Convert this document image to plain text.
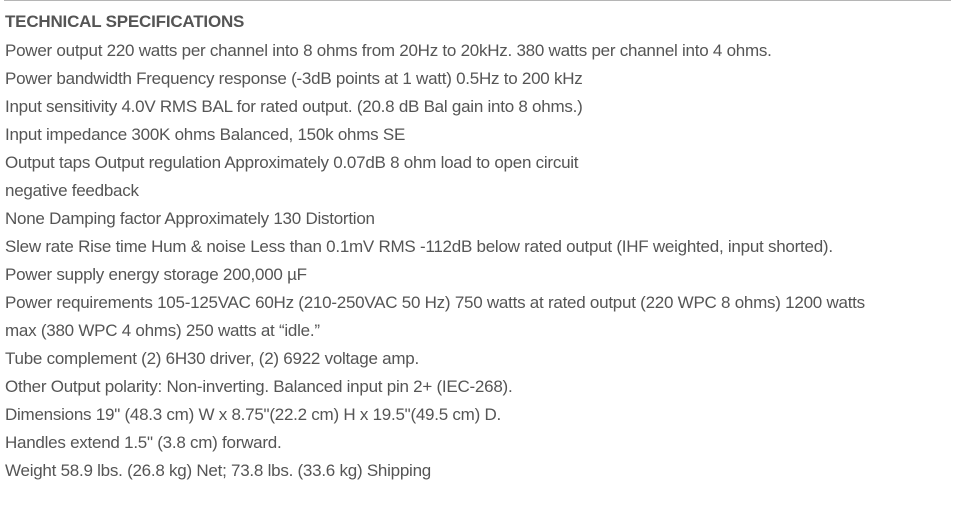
TECHNICAL SPECIFICATIONS
Power output 220 watts per channel into 8 ohms from 20Hz to 20kHz. 380 watts per channel into 4 ohms.
Power bandwidth Frequency response (-3dB points at 1 watt) 0.5Hz to 200 kHz
Input sensitivity 4.0V RMS BAL for rated output. (20.8 dB Bal gain into 8 ohms.)
Input impedance 300K ohms Balanced, 150k ohms SE
Output taps Output regulation Approximately 0.07dB 8 ohm load to open circuit
negative feedback
None Damping factor Approximately 130 Distortion
Slew rate Rise time Hum & noise Less than 0.1mV RMS -112dB below rated output (IHF weighted, input shorted).
Power supply energy storage 200,000 µF
Power requirements 105-125VAC 60Hz (210-250VAC 50 Hz) 750 watts at rated output (220 WPC 8 ohms) 1200 watts
max (380 WPC 4 ohms) 250 watts at “idle.”
Tube complement (2) 6H30 driver, (2) 6922 voltage amp.
Other Output polarity: Non-inverting. Balanced input pin 2+ (IEC-268).
Dimensions 19" (48.3 cm) W x 8.75"(22.2 cm) H x 19.5"(49.5 cm) D.
Handles extend 1.5" (3.8 cm) forward.
Weight 58.9 lbs. (26.8 kg) Net; 73.8 lbs. (33.6 kg) Shipping
